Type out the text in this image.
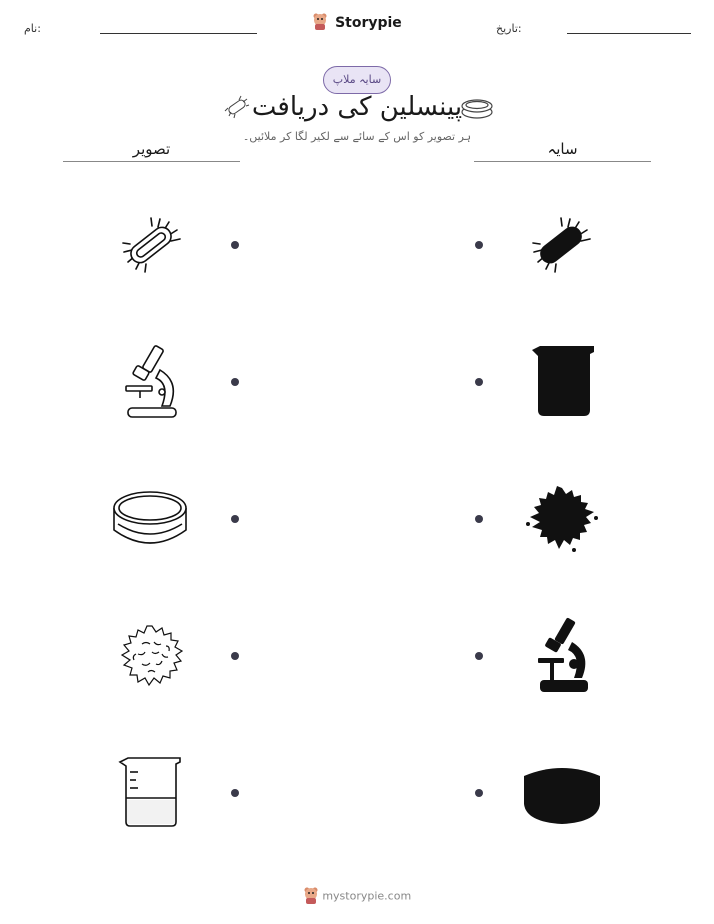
نام:	تاریخ:
Storypie
سایہ ملاپ
پینسلین کی دریافت
ہر تصویر کو اس کے سائے سے لکیر لگا کر ملائیں۔
تصویر	سایہ
mystorypie.com
